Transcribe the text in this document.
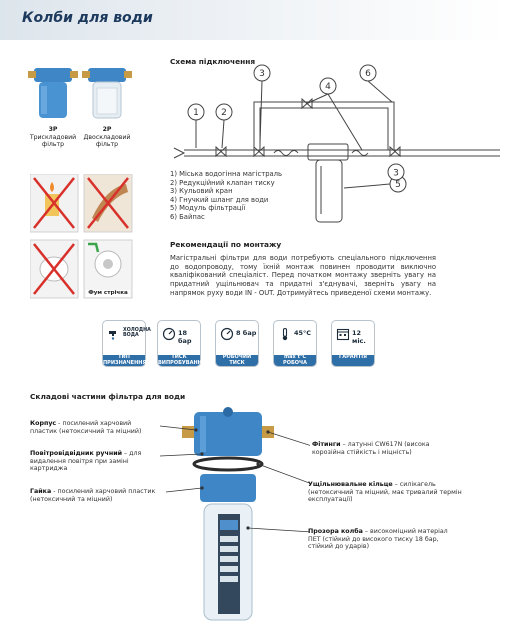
Колби для води
3P
Трискладовий фільтр
2P
Двоскладовий фільтр
Фум стрічка
Схема підключення
1 2
3
4
5
6
3
1) Міська водогінна магістраль
2) Редукційний клапан тиску
3) Кульовий кран
4) Гнучкий шланг для води
5) Модуль фільтрації
6) Байпас
Рекомендації по монтажу
Магістральні фільтри для води потребують спеціального підключення до водопроводу, тому їхній монтаж повинен проводити виключно кваліфікований спеціаліст. Перед початком монтажу зверніть увагу на придатний ущільнювач та придатні з'єднувачі, зверніть увагу на напрямок руху води IN - OUT. Дотримуйтесь приведеної схеми монтажу.
ХОЛОДНА ВОДА
ТИП ПРИЗНАЧЕННЯ
18 бар
ТИСК ВИПРОБУВАННЯ
8 бар
РОБОЧИЙ ТИСК
45°C
max t°C РОБОЧА
12 міс.
ГАРАНТІЯ
Складові частини фільтра для води
Корпус - посилений харчовий пластик (нетоксичний та міцний)
Повітровідвідник ручний – для видалення повітря при заміні картриджа
Гайка - посилений харчовий пластик (нетоксичний та міцний)
Фітинги – латунні CW617N (висока корозійна стійкість і міцність)
Ущільнювальне кільце – силікагель (нетоксичний та міцний, має тривалий термін експлуатації)
Прозора колба – високоміцний матеріал ПЕТ (стійкий до високого тиску 18 бар, стійкий до ударів)
